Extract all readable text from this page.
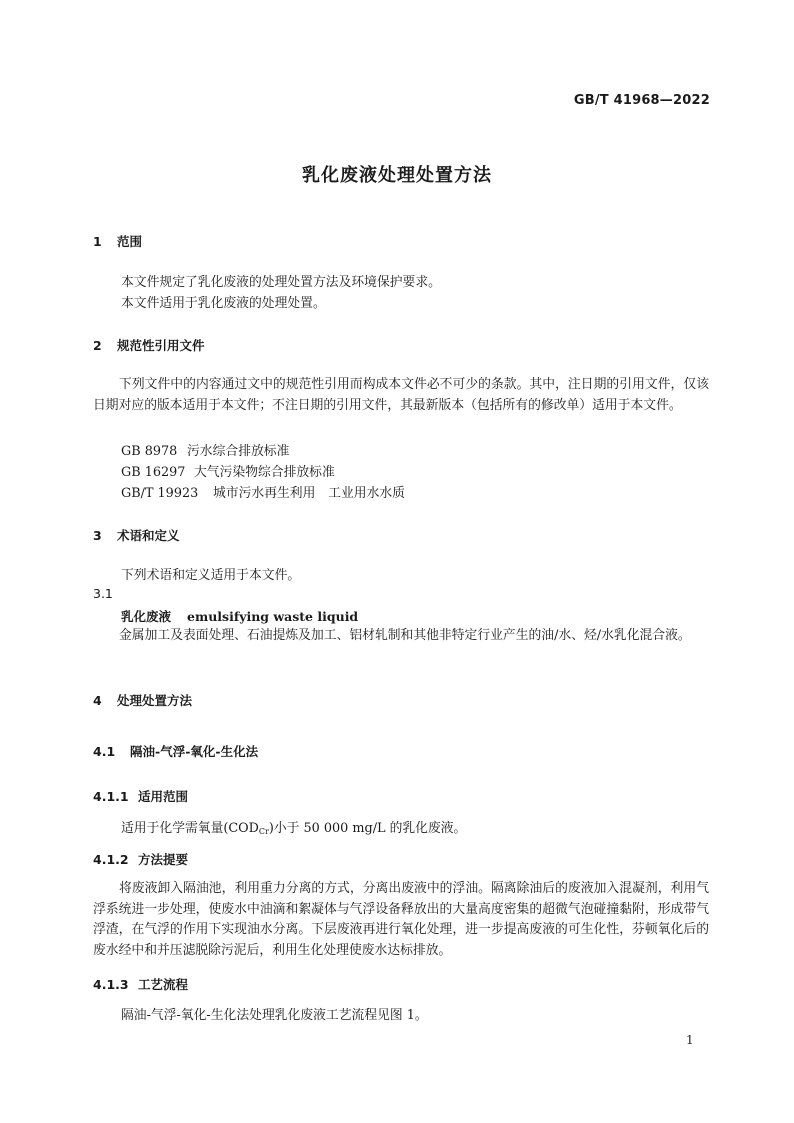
GB/T 41968—2022
乳化废液处理处置方法
1 范围
本文件规定了乳化废液的处理处置方法及环境保护要求。
本文件适用于乳化废液的处理处置。
2 规范性引用文件
下列文件中的内容通过文中的规范性引用而构成本文件必不可少的条款。其中，注日期的引用文件，仅该日期对应的版本适用于本文件；不注日期的引用文件，其最新版本（包括所有的修改单）适用于本文件。
GB 8978 污水综合排放标准
GB 16297 大气污染物综合排放标准
GB/T 19923 城市污水再生利用　工业用水水质
3 术语和定义
下列术语和定义适用于本文件。
3.1
乳化废液 emulsifying waste liquid
金属加工及表面处理、石油提炼及加工、铝材轧制和其他非特定行业产生的油/水、烃/水乳化混合液。
4 处理处置方法
4.1 隔油-气浮-氧化-生化法
4.1.1 适用范围
适用于化学需氧量$(COD_{Cr})$小于 50 000 mg/L 的乳化废液。
4.1.2 方法提要
将废液卸入隔油池，利用重力分离的方式，分离出废液中的浮油。隔离除油后的废液加入混凝剂，利用气浮系统进一步处理，使废水中油滴和絮凝体与气浮设备释放出的大量高度密集的超微气泡碰撞黏附，形成带气浮渣，在气浮的作用下实现油水分离。下层废液再进行氧化处理，进一步提高废液的可生化性，芬顿氧化后的废水经中和并压滤脱除污泥后，利用生化处理使废水达标排放。
4.1.3 工艺流程
隔油-气浮-氧化-生化法处理乳化废液工艺流程见图 1。
1
